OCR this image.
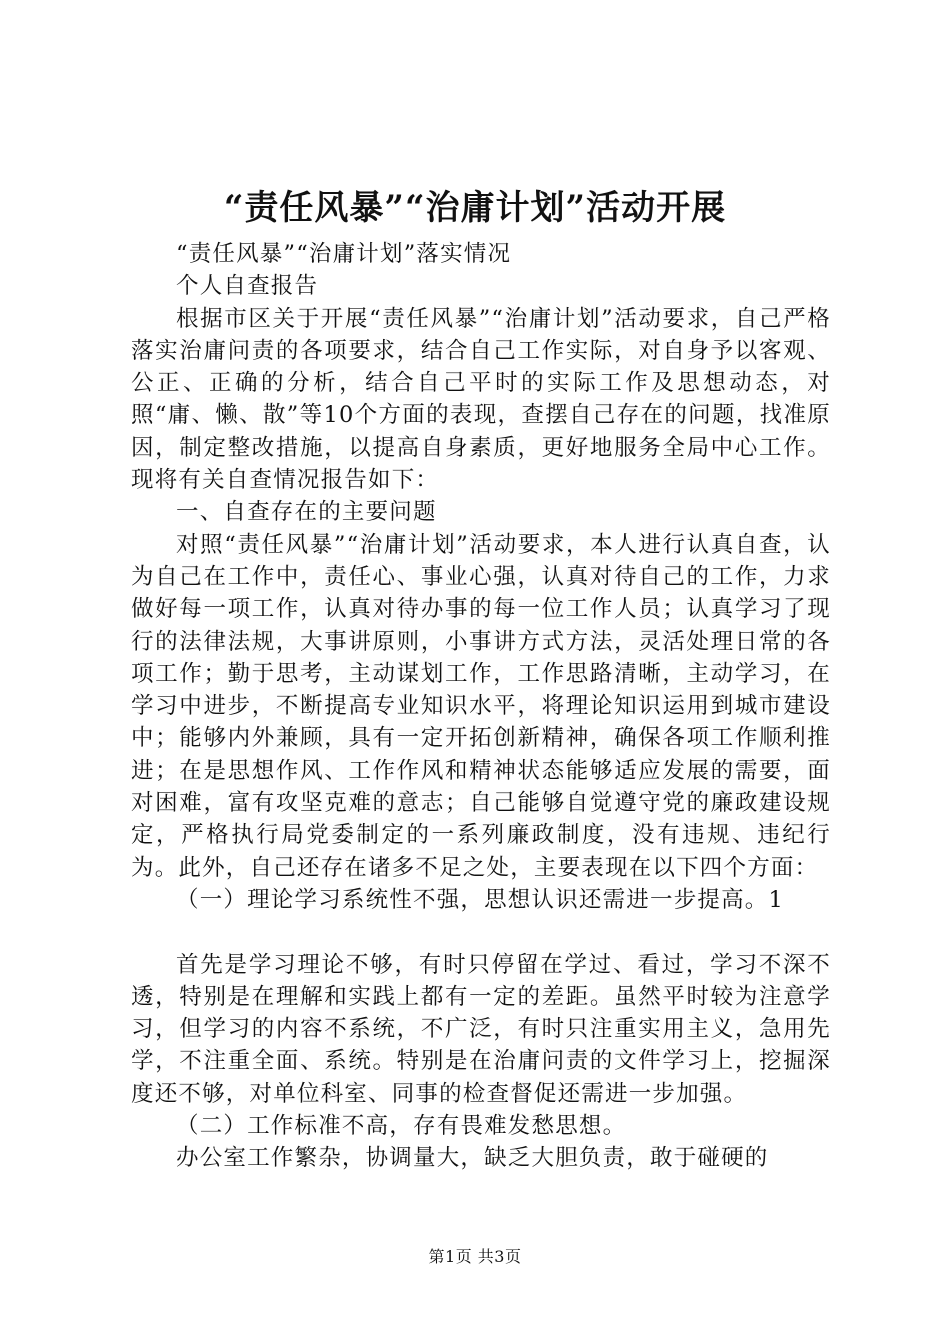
“责任风暴”“治庸计划”活动开展

“责任风暴”“治庸计划”落实情况

个人自查报告

根据市区关于开展“责任风暴”“治庸计划”活动要求，自己严格落实治庸问责的各项要求，结合自己工作实际，对自身予以客观、公正、正确的分析，结合自己平时的实际工作及思想动态，对照“庸、懒、散”等10个方面的表现，查摆自己存在的问题，找准原因，制定整改措施，以提高自身素质，更好地服务全局中心工作。现将有关自查情况报告如下：

一、自查存在的主要问题

对照“责任风暴”“治庸计划”活动要求，本人进行认真自查，认为自己在工作中，责任心、事业心强，认真对待自己的工作，力求做好每一项工作，认真对待办事的每一位工作人员；认真学习了现行的法律法规，大事讲原则，小事讲方式方法，灵活处理日常的各项工作；勤于思考，主动谋划工作，工作思路清晰，主动学习，在学习中进步，不断提高专业知识水平，将理论知识运用到城市建设中；能够内外兼顾，具有一定开拓创新精神，确保各项工作顺利推进；在是思想作风、工作作风和精神状态能够适应发展的需要，面对困难，富有攻坚克难的意志；自己能够自觉遵守党的廉政建设规定，严格执行局党委制定的一系列廉政制度，没有违规、违纪行为。此外，自己还存在诸多不足之处，主要表现在以下四个方面：

（一）理论学习系统性不强，思想认识还需进一步提高。1

首先是学习理论不够，有时只停留在学过、看过，学习不深不透，特别是在理解和实践上都有一定的差距。虽然平时较为注意学习，但学习的内容不系统，不广泛，有时只注重实用主义，急用先学，不注重全面、系统。特别是在治庸问责的文件学习上，挖掘深度还不够，对单位科室、同事的检查督促还需进一步加强。

（二）工作标准不高，存有畏难发愁思想。

办公室工作繁杂，协调量大，缺乏大胆负责，敢于碰硬的

第1页 共3页
